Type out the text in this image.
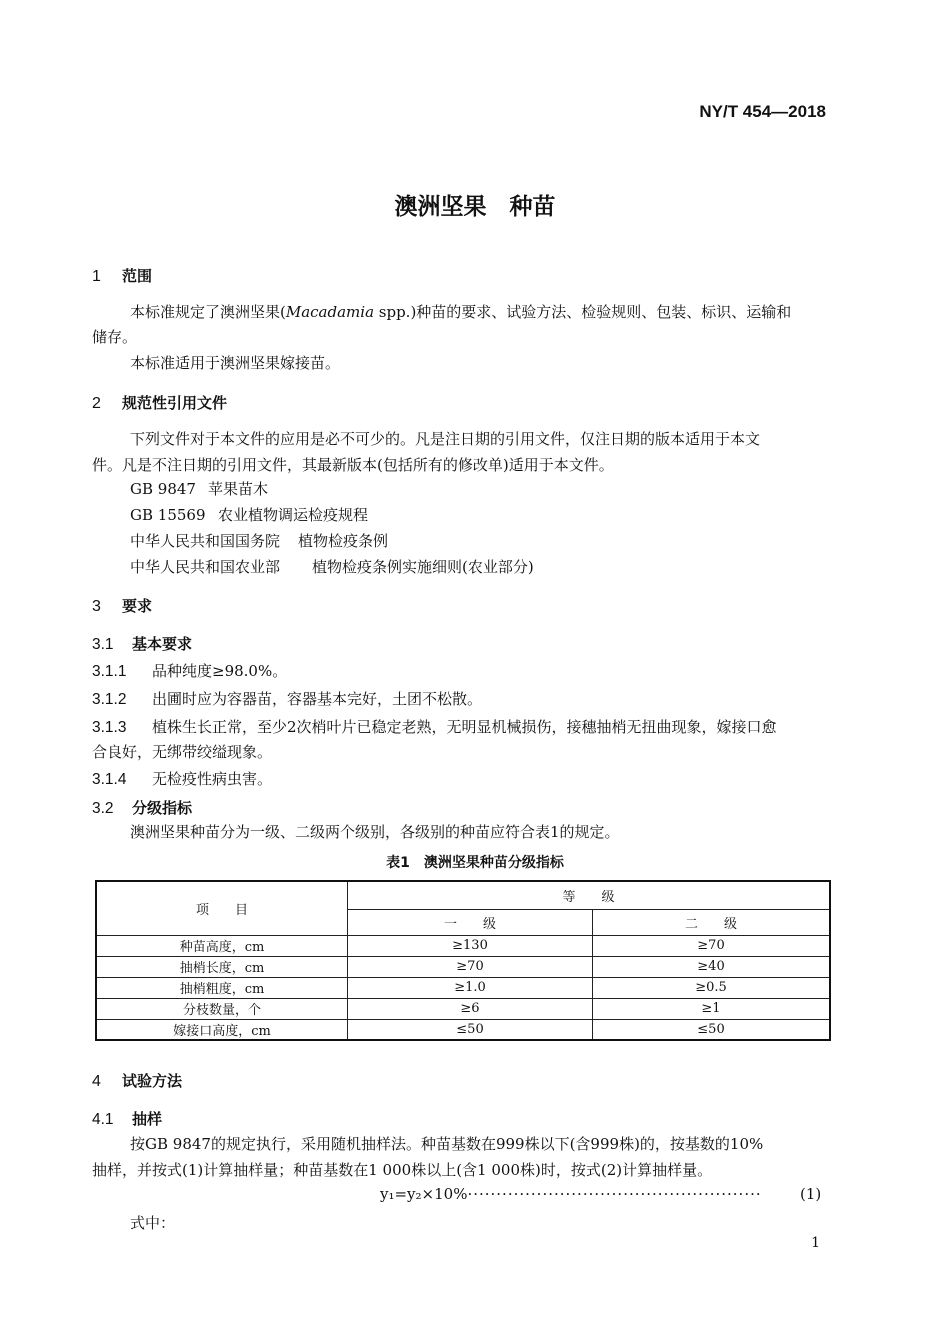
NY/T 454—2018
澳洲坚果　种苗
1 范围
本标准规定了澳洲坚果(Macadamia spp.)种苗的要求、试验方法、检验规则、包装、标识、运输和
储存。
本标准适用于澳洲坚果嫁接苗。
2 规范性引用文件
下列文件对于本文件的应用是必不可少的。凡是注日期的引用文件，仅注日期的版本适用于本文
件。凡是不注日期的引用文件，其最新版本(包括所有的修改单)适用于本文件。
GB 9847 苹果苗木
GB 15569 农业植物调运检疫规程
中华人民共和国国务院 植物检疫条例
中华人民共和国农业部 植物检疫条例实施细则(农业部分)
3 要求
3.1 基本要求
3.1.1 品种纯度≥98.0%。
3.1.2 出圃时应为容器苗，容器基本完好，土团不松散。
3.1.3 植株生长正常，至少2次梢叶片已稳定老熟，无明显机械损伤，接穗抽梢无扭曲现象，嫁接口愈
合良好，无绑带绞缢现象。
3.1.4 无检疫性病虫害。
3.2 分级指标
澳洲坚果种苗分为一级、二级两个级别，各级别的种苗应符合表1的规定。
表1　澳洲坚果种苗分级指标
项　　目	等　　级	
	一　　级	二　　级
种苗高度，cm	≥130	≥70
抽梢长度，cm	≥70	≥40
抽梢粗度，cm	≥1.0	≥0.5
分枝数量，个	≥6	≥1
嫁接口高度，cm	≤50	≤50
4 试验方法
4.1 抽样
按GB 9847的规定执行，采用随机抽样法。种苗基数在999株以下(含999株)的，按基数的10%
抽样，并按式(1)计算抽样量；种苗基数在1 000株以上(含1 000株)时，按式(2)计算抽样量。
y₁=y₂×10%···················································	(1)
式中：
1
